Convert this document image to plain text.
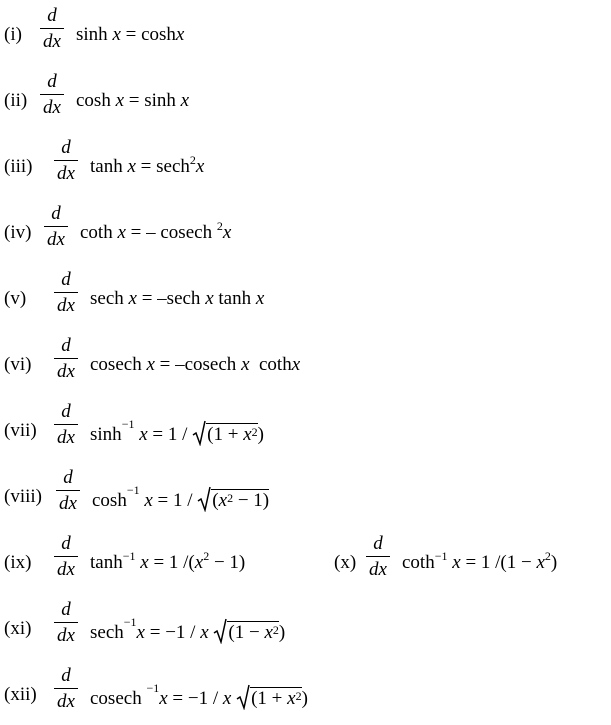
(i)
d
dx sinh x = coshx
(ii)
d
dx cosh x = sinh x
(iii)
d
dx tanh x = sech$^2$x
(iv)
d
dx coth x = – cosech $^2$x
(v)
d
dx sech x = –sech x tanh x
(vi)
d
dx cosech x = –cosech x cothx
(vii)
d
dx $\sinh^{-1} x = 1 / (1 + x^2$ )
(viii)
d
dx $\cosh^{-1} x = 1 / (x^2 - 1)$
(ix)
d
dx $\tanh^{-1} x = 1$ $/(x^2 - 1)$	(x)
d
dx coth$^{-1}$ x = 1 $/(1 - x^2)$
(xi)
d
dx sech$^{-1}$x = −1 / x ($1 - x^2$ )
(xii)
d
dx cosech $^{-1}$x = −1 / x ($1 + x^2$ )
